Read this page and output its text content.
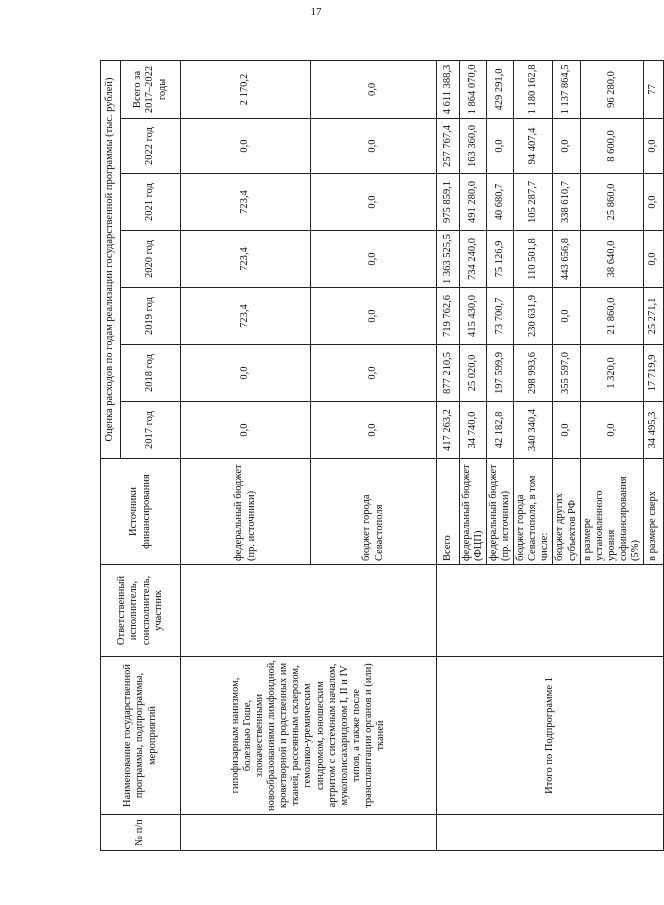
17
№ п/п	Наименование государственной программы, подпрограммы, мероприятий	Ответственный исполнитель, соисполнитель, участник	Источники финансирования	Оценка расходов по годам реализации государственной программы (тыс. рублей)						
				2017 год	2018 год	2019 год	2020 год	2021 год	2022 год	Всего за 2017–2022 годы
	гипофизарным нанизмом, болезнью Гоше, злокачественными новообразованиями лимфоидной, кроветворной и родственных им тканей, рассеянным склерозом, гемолико-уремическим синдромом, юношеским артритом с системным началом, мукополисахаридозом I, II и IV типов, а также после трансплантации органов и (или) тканей		федеральный бюджет (пр. источники)	0,0	0,0	723,4	723,4	723,4	0,0	2 170,2
			бюджет города Севастополя	0,0	0,0	0,0	0,0	0,0	0,0	0,0
	Итого по Подпрограмме 1		Всего	417 263,2	877 210,5	719 762,6	1 363 525,5	975 859,1	257 767,4	4 611 388,3
			федеральный бюджет (ФЦП)	34 740,0	25 020,0	415 430,0	734 240,0	491 280,0	163 360,0	1 864 070,0
			федеральный бюджет (пр. источники)	42 182,8	197 599,9	73 700,7	75 126,9	40 680,7	0,0	429 291,0
			бюджет города Севастополя, в том числе:	340 340,4	298 993,6	230 631,9	110 501,8	105 287,7	94 407,4	1 180 162,8
			бюджет других субъектов РФ	0,0	355 597,0	0,0	443 656,8	338 610,7	0,0	1 137 864,5
			в размере установленного уровня софинансирования (5%)	0,0	1 320,0	21 860,0	38 640,0	25 860,0	8 600,0	96 280,0
			в размере сверх	34 495,3	17 719,9	25 271,1	0,0	0,0	0,0	77
